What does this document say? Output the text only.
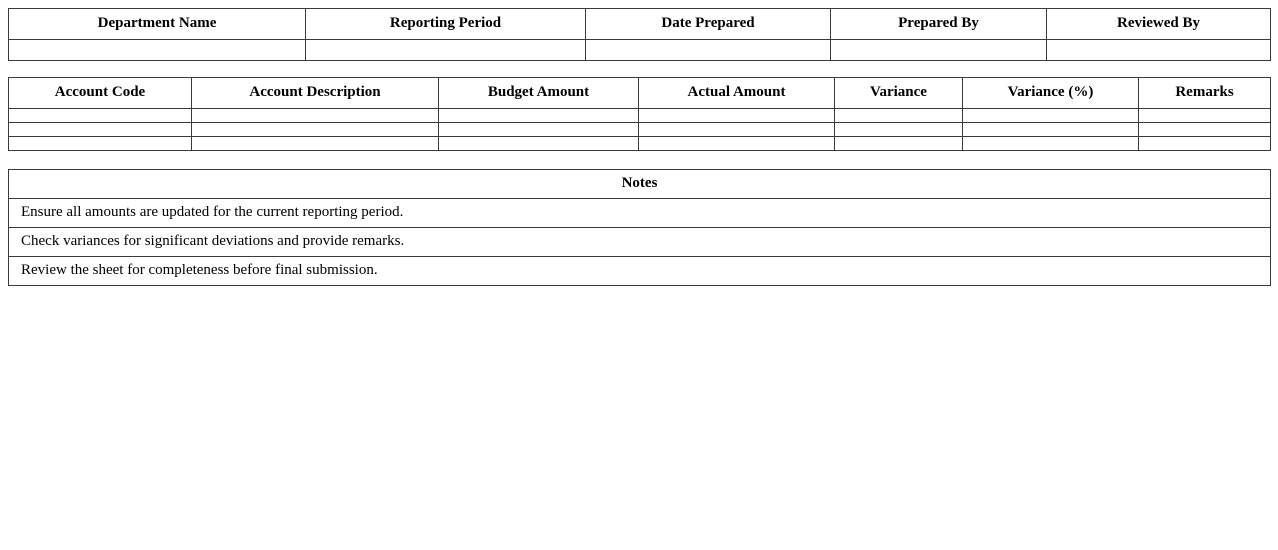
Department Name	Reporting Period	Date Prepared	Prepared By	Reviewed By

Account Code	Account Description	Budget Amount	Actual Amount	Variance	Variance (%)	Remarks

Notes
Ensure all amounts are updated for the current reporting period.
Check variances for significant deviations and provide remarks.
Review the sheet for completeness before final submission.
